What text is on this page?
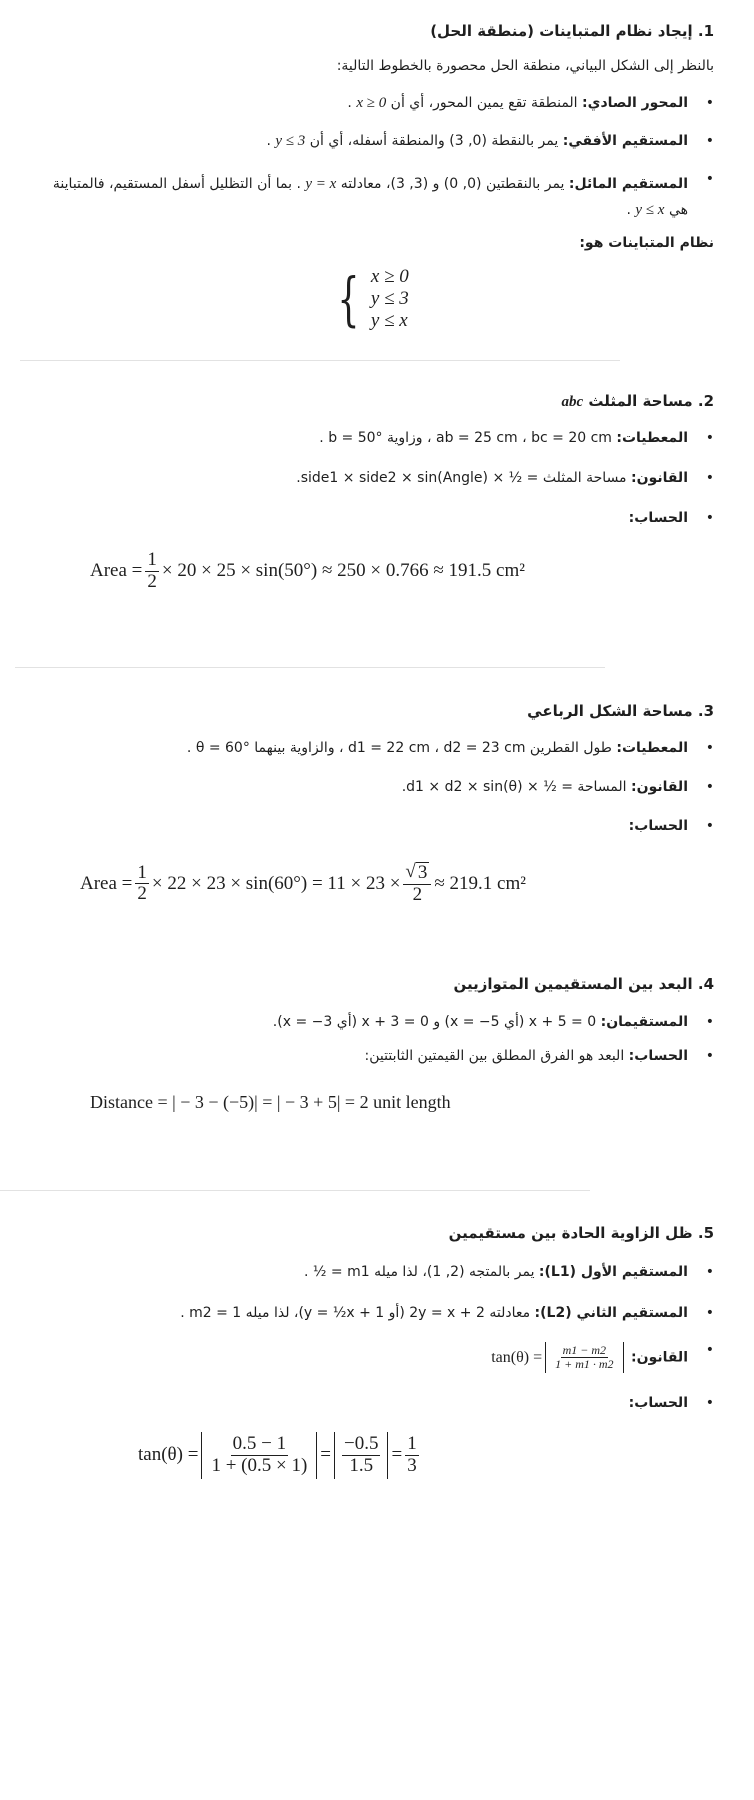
1. إيجاد نظام المتباينات (منطقة الحل)
بالنظر إلى الشكل البياني، منطقة الحل محصورة بالخطوط التالية:
• المحور الصادي: المنطقة تقع يمين المحور، أي أن x ≥ 0 .
• المستقيم الأفقي: يمر بالنقطة (0, 3) والمنطقة أسفله، أي أن y ≤ 3 .
• المستقيم المائل: يمر بالنقطتين (0, 0) و (3, 3)، معادلته y = x . بما أن التظليل أسفل المستقيم، فالمتباينة هي y ≤ x .
نظام المتباينات هو:
{ x ≥ 0
y ≤ 3
y ≤ x
2. مساحة المثلث abc
• المعطيات: ab = 25 cm ، bc = 20 cm ، وزاوية b = 50° .
• القانون: مساحة المثلث = ½ × side1 × side2 × sin(Angle).
• الحساب:
Area = $\frac{1}{2} \times 20 \times 25 \times \sin(50^\circ) \approx 250 \times 0.766 \approx 191.5$ cm²
3. مساحة الشكل الرباعي
• المعطيات: طول القطرين d1 = 22 cm ، d2 = 23 cm ، والزاوية بينهما θ = 60° .
• القانون: المساحة = ½ × d1 × d2 × sin(θ).
• الحساب:
Area = $\frac{1}{2} \times 22 \times 23 \times \sin(60^\circ) = 11 \times 23 \times \frac{√ 3}{2} \approx 219.1$ cm²
4. البعد بين المستقيمين المتوازيين
• المستقيمان: x + 5 = 0 (أي x = −5) و x + 3 = 0 (أي x = −3).
• الحساب: البعد هو الفرق المطلق بين القيمتين الثابتتين:
Distance = | − 3 − (−5)| = | − 3 + 5| = 2 unit length
5. ظل الزاوية الحادة بين مستقيمين
• المستقيم الأول (L1): يمر بالمتجه (2, 1)، لذا ميله m1 = ½ .
• المستقيم الثاني (L2): معادلته 2y = x + 2 (أو y = ½x + 1)، لذا ميله m2 = 1 .
• القانون:
$\tan(\theta) = \frac{m1 - m2}{1 + m1 \cdot m2}$
• الحساب:
$\tan(\theta) = \frac{0.5 - 1}{1 + (0.5 \times 1)} = \frac{-0.5}{1.5} = \frac{1}{3}$
